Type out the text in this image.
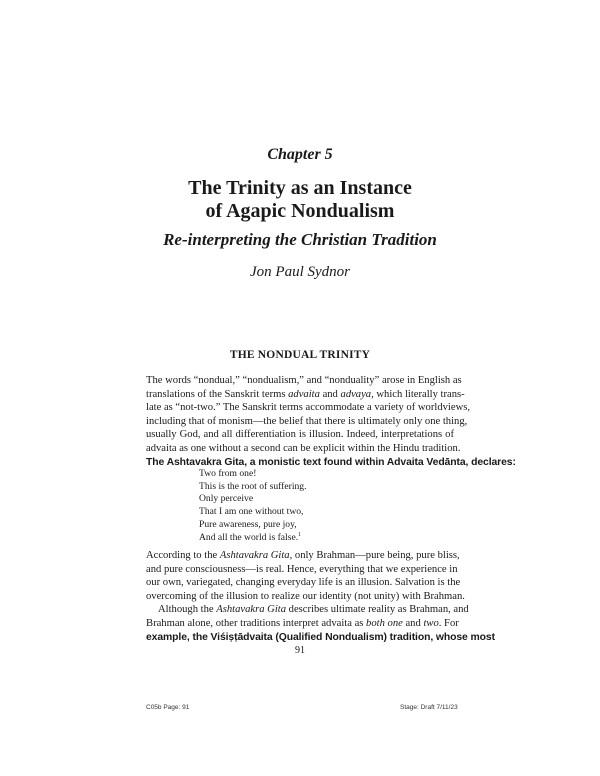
Chapter 5
The Trinity as an Instance
of Agapic Nondualism
Re-interpreting the Christian Tradition
Jon Paul Sydnor
THE NONDUAL TRINITY
The words “nondual,” “nondualism,” and “nonduality” arose in English as
translations of the Sanskrit terms advaita and advaya, which literally trans-
late as “not-two.” The Sanskrit terms accommodate a variety of worldviews,
including that of monism—the belief that there is ultimately only one thing,
usually God, and all differentiation is illusion. Indeed, interpretations of
advaita as one without a second can be explicit within the Hindu tradition.
The Ashtavakra Gita, a monistic text found within Advaita Vedānta, declares:
Two from one!
This is the root of suffering.
Only perceive
That I am one without two,
Pure awareness, pure joy,
And all the world is false.$^1$
According to the Ashtavakra Gita, only Brahman—pure being, pure bliss,
and pure consciousness—is real. Hence, everything that we experience in
our own, variegated, changing everyday life is an illusion. Salvation is the
overcoming of the illusion to realize our identity (not unity) with Brahman.
Although the Ashtavakra Gita describes ultimate reality as Brahman, and
Brahman alone, other traditions interpret advaita as both one and two. For
example, the Viśiṣṭādvaita (Qualified Nondualism) tradition, whose most
91
C05b Page: 91	Stage: Draft 7/11/23
